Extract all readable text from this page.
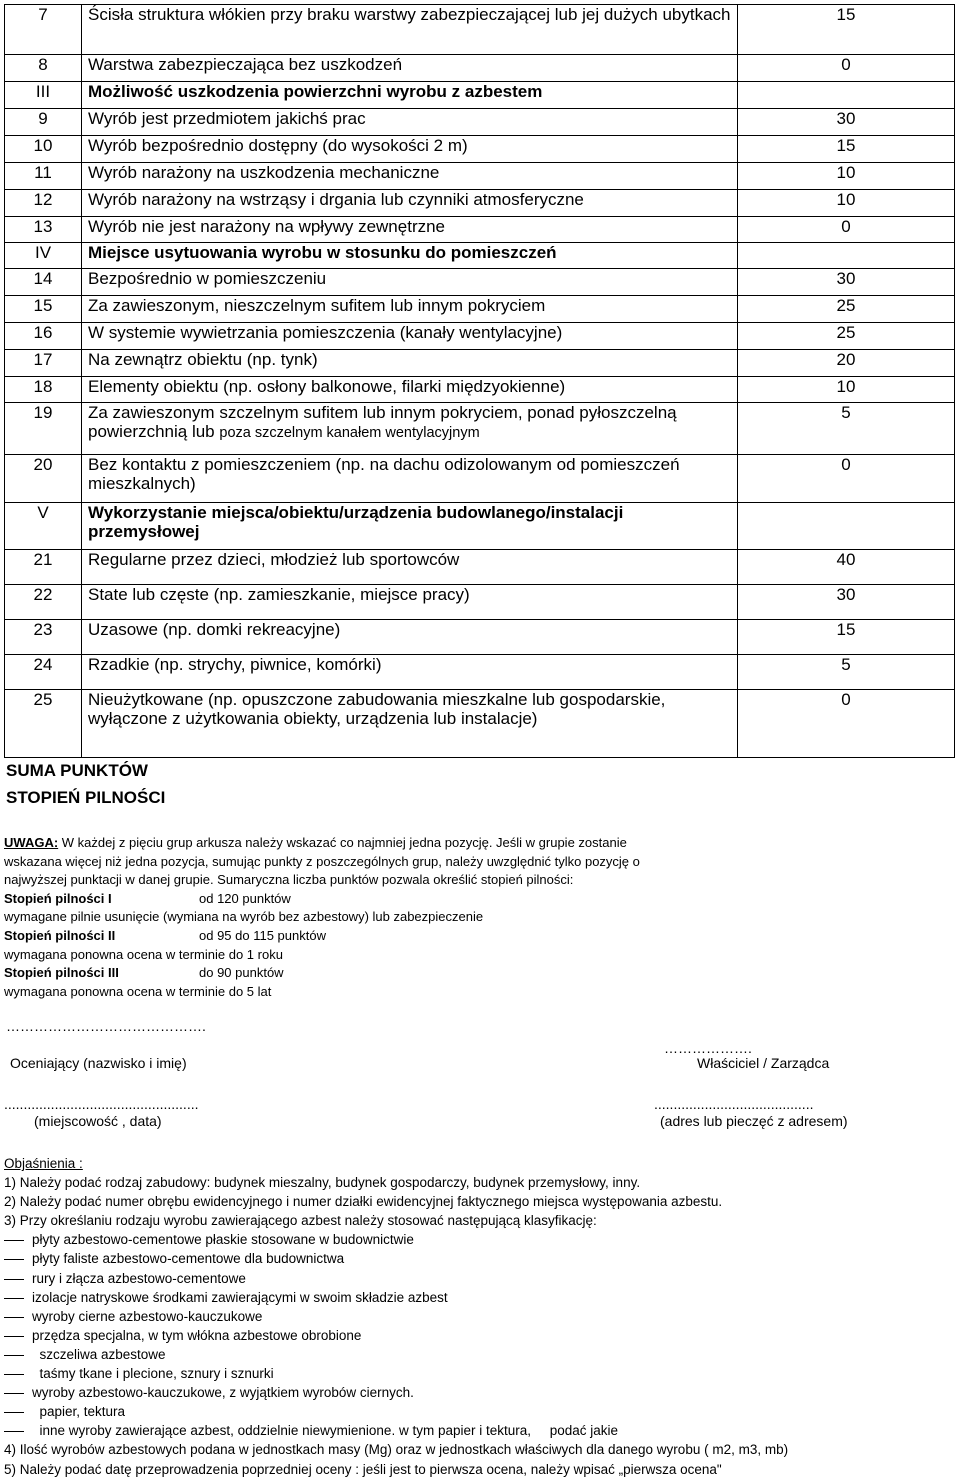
7	Ścisła struktura włókien przy braku warstwy zabezpieczającej lub jej dużych ubytkach	15
8	Warstwa zabezpieczająca bez uszkodzeń	0
III	Możliwość uszkodzenia powierzchni wyrobu z azbestem	
9	Wyrób jest przedmiotem jakichś prac	30
10	Wyrób bezpośrednio dostępny (do wysokości 2 m)	15
11	Wyrób narażony na uszkodzenia mechaniczne	10
12	Wyrób narażony na wstrząsy i drgania lub czynniki atmosferyczne	10
13	Wyrób nie jest narażony na wpływy zewnętrzne	0
IV	Miejsce usytuowania wyrobu w stosunku do pomieszczeń	
14	Bezpośrednio w pomieszczeniu	30
15	Za zawieszonym, nieszczelnym sufitem lub innym pokryciem	25
16	W systemie wywietrzania pomieszczenia (kanały wentylacyjne)	25
17	Na zewnątrz obiektu (np. tynk)	20
18	Elementy obiektu (np. osłony balkonowe, filarki międzyokienne)	10
19	Za zawieszonym szczelnym sufitem lub innym pokryciem, ponad pyłoszczelną powierzchnią lub poza szczelnym kanałem wentylacyjnym	5
20	Bez kontaktu z pomieszczeniem (np. na dachu odizolowanym od pomieszczeń mieszkalnych)	0
V	Wykorzystanie miejsca/obiektu/urządzenia budowlanego/instalacji przemysłowej	
21	Regularne przez dzieci, młodzież lub sportowców	40
22	State lub częste (np. zamieszkanie, miejsce pracy)	30
23	Uzasowe (np. domki rekreacyjne)	15
24	Rzadkie (np. strychy, piwnice, komórki)	5
25	Nieużytkowane (np. opuszczone zabudowania mieszkalne lub gospodarskie, wyłączone z użytkowania obiekty, urządzenia lub instalacje)	0
SUMA PUNKTÓW
STOPIEŃ PILNOŚCI
UWAGA: W każdej z pięciu grup arkusza należy wskazać co najmniej jedna pozycję. Jeśli w grupie zostanie
wskazana więcej niż jedna pozycja, sumując punkty z poszczególnych grup, należy uwzględnić tylko pozycję o
najwyższej punktacji w danej grupie. Sumaryczna liczba punktów pozwala określić stopień pilności:
Stopień pilności I	od 120 punktów
wymagane pilnie usunięcie (wymiana na wyrób bez azbestowy) lub zabezpieczenie
Stopień pilności II	od 95 do 115 punktów
wymagana ponowna ocena w terminie do 1 roku
Stopień pilności III	do 90 punktów
wymagana ponowna ocena w terminie do 5 lat
…………………………………….
……………….
Oceniający (nazwisko i imię)	Właściciel / Zarządca
..................................................	.........................................
(miejscowość , data)	(adres lub pieczęć z adresem)
Objaśnienia :
1) Należy podać rodzaj zabudowy: budynek mieszalny, budynek gospodarczy, budynek przemysłowy, inny.
2) Należy podać numer obrębu ewidencyjnego i numer działki ewidencyjnej faktycznego miejsca występowania azbestu.
3) Przy określaniu rodzaju wyrobu zawierającego azbest należy stosować następującą klasyfikację:
płyty azbestowo-cementowe płaskie stosowane w budownictwie
płyty faliste azbestowo-cementowe dla budownictwa
rury i złącza azbestowo-cementowe
izolacje natryskowe środkami zawierającymi w swoim składzie azbest
wyroby cierne azbestowo-kauczukowe
przędza specjalna, w tym włókna azbestowe obrobione
szczeliwa azbestowe
taśmy tkane i plecione, sznury i sznurki
wyroby azbestowo-kauczukowe, z wyjątkiem wyrobów ciernych.
papier, tektura
inne wyroby zawierające azbest, oddzielnie niewymienione. w tym papier i tektura,     podać jakie
4) Ilość wyrobów azbestowych podana w jednostkach masy (Mg) oraz w jednostkach właściwych dla danego wyrobu ( m2, m3, mb)
5) Należy podać datę przeprowadzenia poprzedniej oceny : jeśli jest to pierwsza ocena, należy wpisać „pierwsza ocena"
